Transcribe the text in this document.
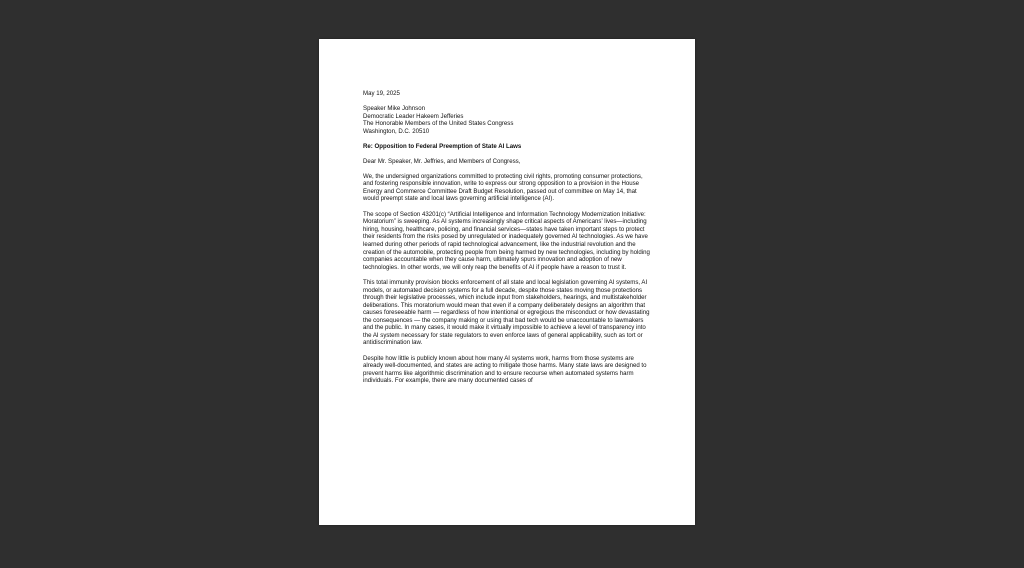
May 19, 2025

Speaker Mike Johnson
Democratic Leader Hakeem Jefferies
The Honorable Members of the United States Congress
Washington, D.C. 20510

Re: Opposition to Federal Preemption of State AI Laws

Dear Mr. Speaker, Mr. Jeffries, and Members of Congress,

We, the undersigned organizations committed to protecting civil rights, promoting consumer protections, and fostering responsible innovation, write to express our strong opposition to a provision in the House Energy and Commerce Committee Draft Budget Resolution, passed out of committee on May 14, that would preempt state and local laws governing artificial intelligence (AI).

The scope of Section 43201(c) “Artificial Intelligence and Information Technology Modernization Initiative: Moratorium” is sweeping. As AI systems increasingly shape critical aspects of Americans’ lives—including hiring, housing, healthcare, policing, and financial services—states have taken important steps to protect their residents from the risks posed by unregulated or inadequately governed AI technologies. As we have learned during other periods of rapid technological advancement, like the industrial revolution and the creation of the automobile, protecting people from being harmed by new technologies, including by holding companies accountable when they cause harm, ultimately spurs innovation and adoption of new technologies. In other words, we will only reap the benefits of AI if people have a reason to trust it.

This total immunity provision blocks enforcement of all state and local legislation governing AI systems, AI models, or automated decision systems for a full decade, despite those states moving those protections through their legislative processes, which include input from stakeholders, hearings, and multistakeholder deliberations. This moratorium would mean that even if a company deliberately designs an algorithm that causes foreseeable harm — regardless of how intentional or egregious the misconduct or how devastating the consequences — the company making or using that bad tech would be unaccountable to lawmakers and the public. In many cases, it would make it virtually impossible to achieve a level of transparency into the AI system necessary for state regulators to even enforce laws of general applicability, such as tort or antidiscrimination law.

Despite how little is publicly known about how many AI systems work, harms from those systems are already well-documented, and states are acting to mitigate those harms. Many state laws are designed to prevent harms like algorithmic discrimination and to ensure recourse when automated systems harm individuals. For example, there are many documented cases of
